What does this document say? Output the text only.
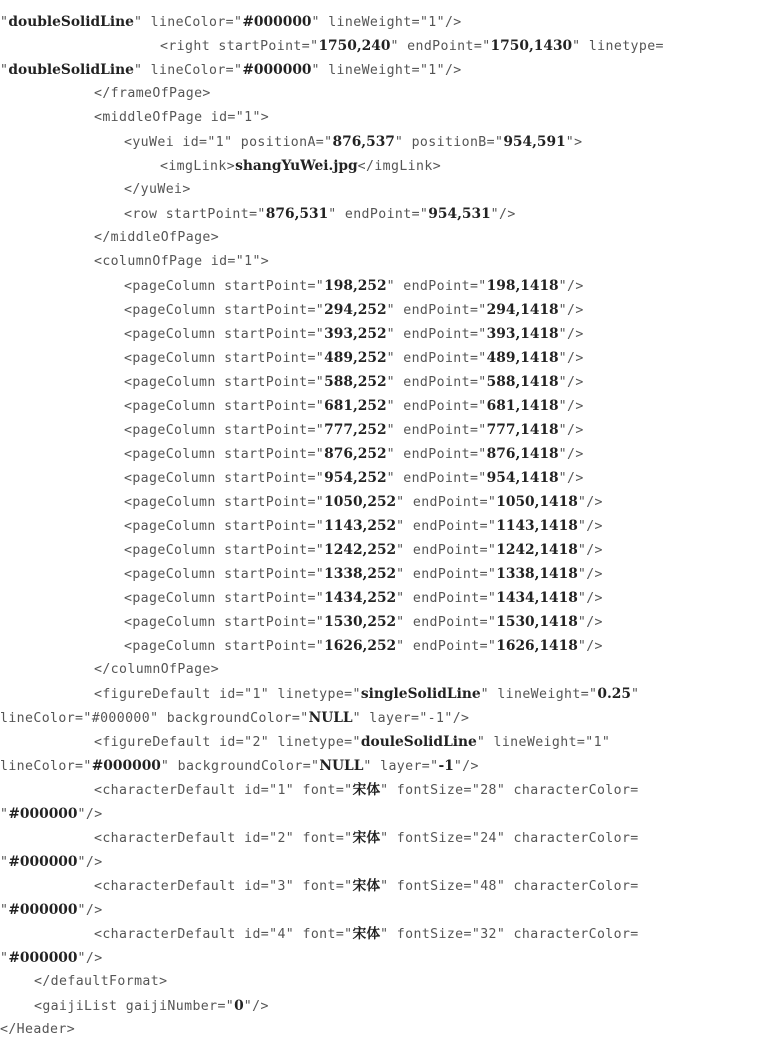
"doubleSolidLine" lineColor="#000000" lineWeight="1"/>
<right startPoint="1750,240" endPoint="1750,1430" linetype=
"doubleSolidLine" lineColor="#000000" lineWeight="1"/>
</frameOfPage>
<middleOfPage id="1">
<yuWei id="1" positionA="876,537" positionB="954,591">
<imgLink>shangYuWei.jpg</imgLink>
</yuWei>
<row startPoint="876,531" endPoint="954,531"/>
</middleOfPage>
<columnOfPage id="1">
<pageColumn startPoint="198,252" endPoint="198,1418"/>
<pageColumn startPoint="294,252" endPoint="294,1418"/>
<pageColumn startPoint="393,252" endPoint="393,1418"/>
<pageColumn startPoint="489,252" endPoint="489,1418"/>
<pageColumn startPoint="588,252" endPoint="588,1418"/>
<pageColumn startPoint="681,252" endPoint="681,1418"/>
<pageColumn startPoint="777,252" endPoint="777,1418"/>
<pageColumn startPoint="876,252" endPoint="876,1418"/>
<pageColumn startPoint="954,252" endPoint="954,1418"/>
<pageColumn startPoint="1050,252" endPoint="1050,1418"/>
<pageColumn startPoint="1143,252" endPoint="1143,1418"/>
<pageColumn startPoint="1242,252" endPoint="1242,1418"/>
<pageColumn startPoint="1338,252" endPoint="1338,1418"/>
<pageColumn startPoint="1434,252" endPoint="1434,1418"/>
<pageColumn startPoint="1530,252" endPoint="1530,1418"/>
<pageColumn startPoint="1626,252" endPoint="1626,1418"/>
</columnOfPage>
<figureDefault id="1" linetype="singleSolidLine" lineWeight="0.25"
lineColor="#000000" backgroundColor="NULL" layer="-1"/>
<figureDefault id="2" linetype="douleSolidLine" lineWeight="1"
lineColor="#000000" backgroundColor="NULL" layer="-1"/>
<characterDefault id="1" font="宋体" fontSize="28" characterColor=
"#000000"/>
<characterDefault id="2" font="宋体" fontSize="24" characterColor=
"#000000"/>
<characterDefault id="3" font="宋体" fontSize="48" characterColor=
"#000000"/>
<characterDefault id="4" font="宋体" fontSize="32" characterColor=
"#000000"/>
</defaultFormat>
<gaijiList gaijiNumber="0"/>
</Header>
